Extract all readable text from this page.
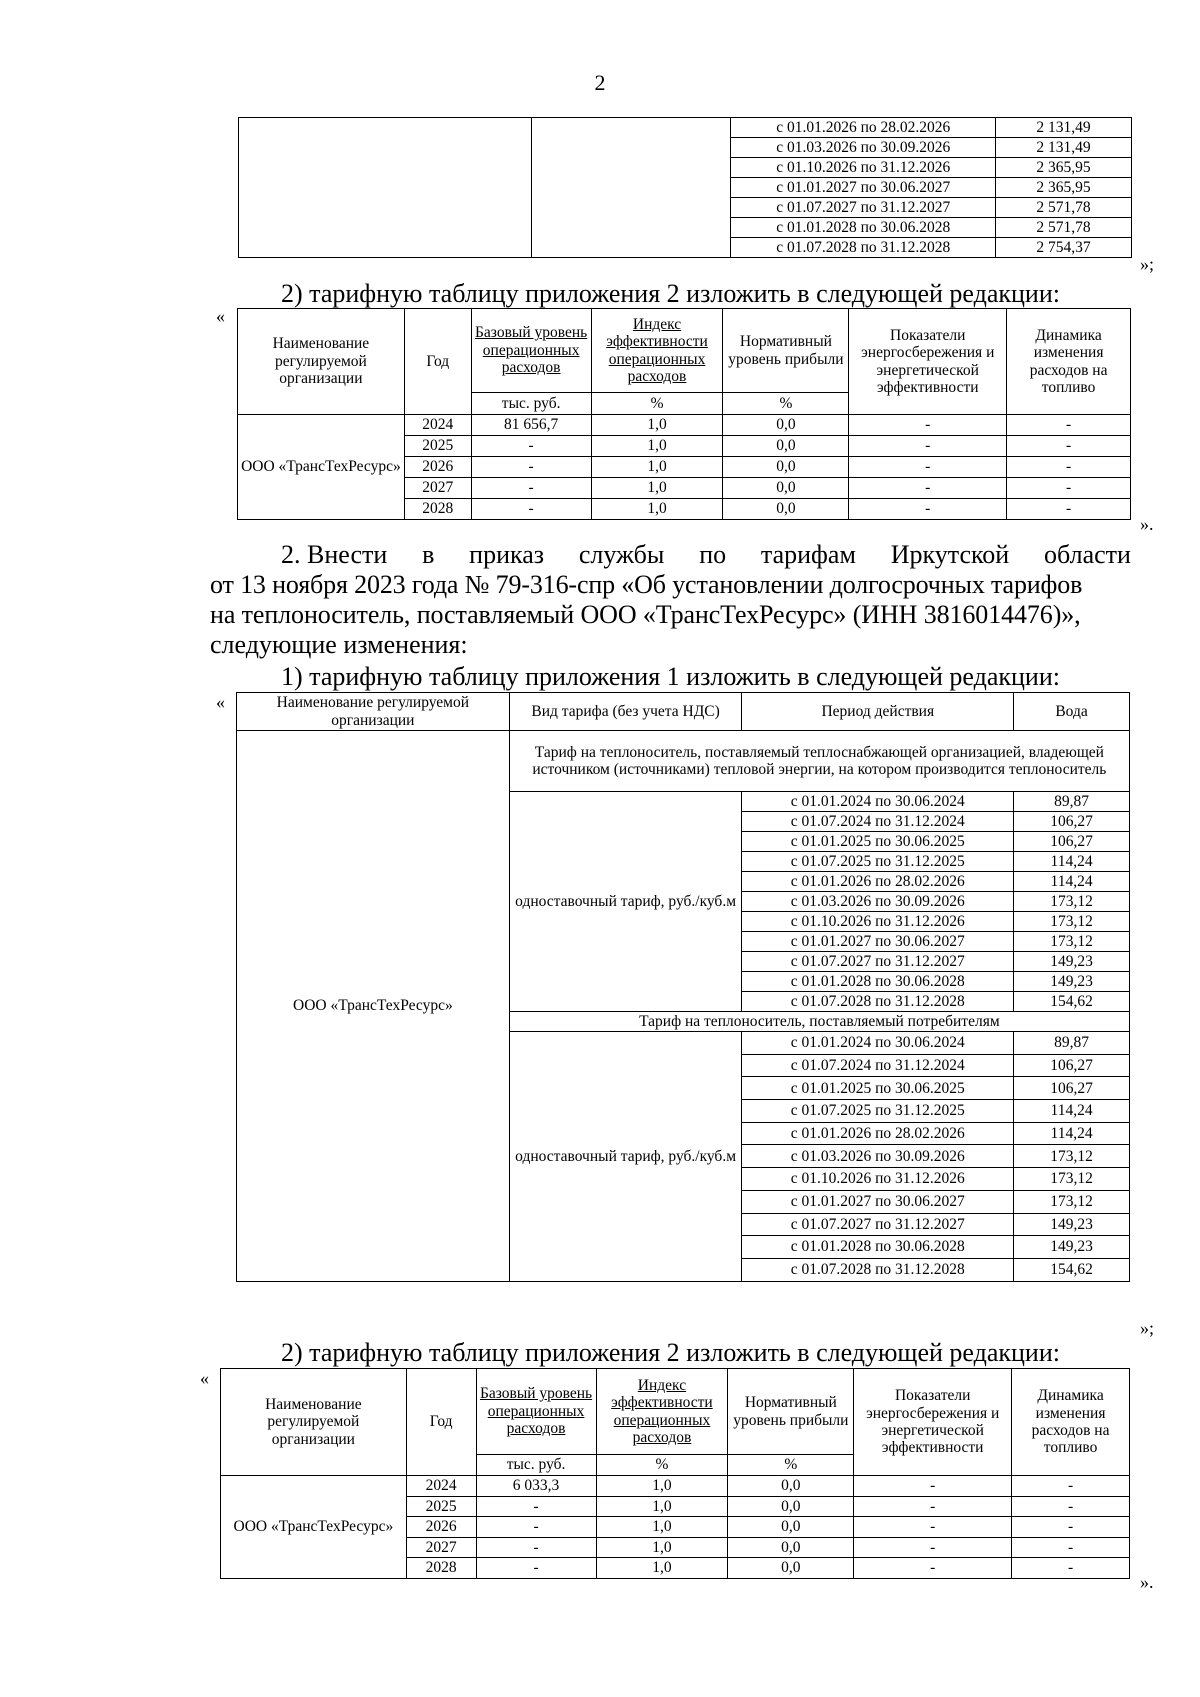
2
		с 01.01.2026 по 28.02.2026	2 131,49
		с 01.03.2026 по 30.09.2026	2 131,49
		с 01.10.2026 по 31.12.2026	2 365,95
		с 01.01.2027 по 30.06.2027	2 365,95
		с 01.07.2027 по 31.12.2027	2 571,78
		с 01.01.2028 по 30.06.2028	2 571,78
		с 01.07.2028 по 31.12.2028	2 754,37
»;
2) тарифную таблицу приложения 2 изложить в следующей редакции:
«
Наименование регулируемой организации	Год	Базовый уровень операционных расходов	Индекс эффективности операционных расходов	Нормативный уровень прибыли	Показатели энергосбережения и энергетической эффективности	Динамика изменения расходов на топливо
		тыс. руб.	%	%		
ООО «ТрансТехРесурс»	2024	81 656,7	1,0	0,0	-	-
	2025	-	1,0	0,0	-	-
	2026	-	1,0	0,0	-	-
	2027	-	1,0	0,0	-	-
	2028	-	1,0	0,0	-	-
».
2. Внести в приказ службы по тарифам Иркутской области
от 13 ноября 2023 года № 79-316-спр «Об установлении долгосрочных тарифов
на теплоноситель, поставляемый ООО «ТрансТехРесурс» (ИНН 3816014476)»,
следующие изменения:
1) тарифную таблицу приложения 1 изложить в следующей редакции:
«	Наименование регулируемой организации	Вид тарифа (без учета НДС)	Период действия	Вода
ООО «ТрансТехРесурс»	Тариф на теплоноситель, поставляемый теплоснабжающей организацией, владеющей источником (источниками) тепловой энергии, на котором производится теплоноситель		
	одноставочный тариф, руб./куб.м	с 01.01.2024 по 30.06.2024	89,87
		с 01.07.2024 по 31.12.2024	106,27
		с 01.01.2025 по 30.06.2025	106,27
		с 01.07.2025 по 31.12.2025	114,24
		с 01.01.2026 по 28.02.2026	114,24
		с 01.03.2026 по 30.09.2026	173,12
		с 01.10.2026 по 31.12.2026	173,12
		с 01.01.2027 по 30.06.2027	173,12
		с 01.07.2027 по 31.12.2027	149,23
		с 01.01.2028 по 30.06.2028	149,23
		с 01.07.2028 по 31.12.2028	154,62
	Тариф на теплоноситель, поставляемый потребителям		
	одноставочный тариф, руб./куб.м	с 01.01.2024 по 30.06.2024	89,87
		с 01.07.2024 по 31.12.2024	106,27
		с 01.01.2025 по 30.06.2025	106,27
		с 01.07.2025 по 31.12.2025	114,24
		с 01.01.2026 по 28.02.2026	114,24
		с 01.03.2026 по 30.09.2026	173,12
		с 01.10.2026 по 31.12.2026	173,12
		с 01.01.2027 по 30.06.2027	173,12
		с 01.07.2027 по 31.12.2027	149,23
		с 01.01.2028 по 30.06.2028	149,23
		с 01.07.2028 по 31.12.2028	154,62
»;
2) тарифную таблицу приложения 2 изложить в следующей редакции:
«
Наименование регулируемой организации	Год	Базовый уровень операционных расходов	Индекс эффективности операционных расходов	Нормативный уровень прибыли	Показатели энергосбережения и энергетической эффективности	Динамика изменения расходов на топливо
		тыс. руб.	%	%		
ООО «ТрансТехРесурс»	2024	6 033,3	1,0	0,0	-	-
	2025	-	1,0	0,0	-	-
	2026	-	1,0	0,0	-	-
	2027	-	1,0	0,0	-	-
	2028	-	1,0	0,0	-	-
».
